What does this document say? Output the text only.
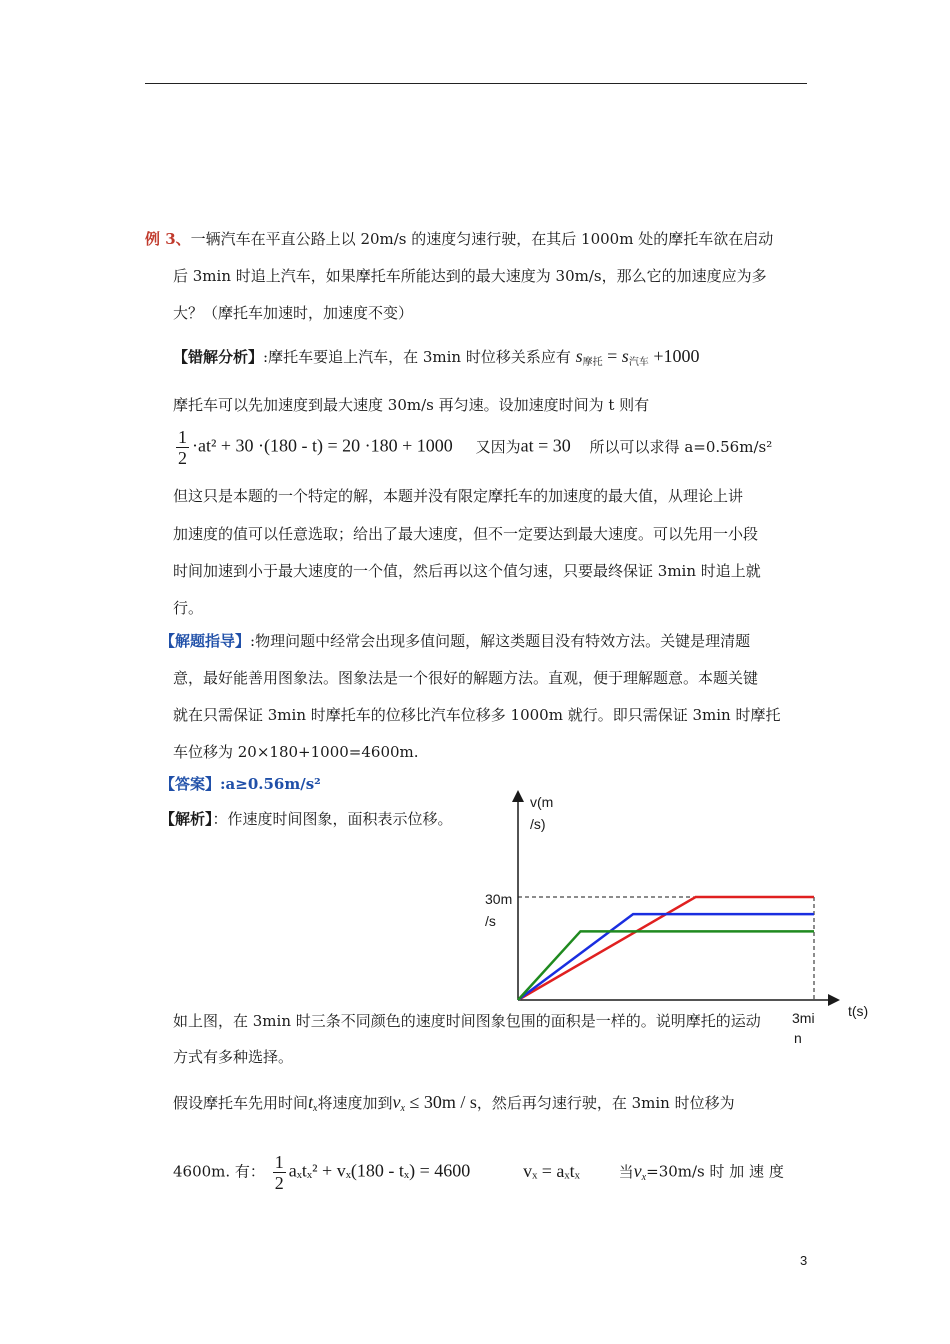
例 3、一辆汽车在平直公路上以 20m/s 的速度匀速行驶，在其后 1000m 处的摩托车欲在启动
后 3min 时追上汽车，如果摩托车所能达到的最大速度为 30m/s，那么它的加速度应为多
大？（摩托车加速时，加速度不变）
【错解分析】:摩托车要追上汽车，在 3min 时位移关系应有 $s_{摩托} = s_{汽车} +1000$
摩托车可以先加速度到最大速度 30m/s 再匀速。设加速度时间为 t 则有
$\frac{1}{2} \cdot at^2 + 30 \cdot(180 - t) = 20 \cdot 180 + 1000$ 又因为at = 30 所以可以求得 a=0.56m/s²
但这只是本题的一个特定的解，本题并没有限定摩托车的加速度的最大值，从理论上讲
加速度的值可以任意选取；给出了最大速度，但不一定要达到最大速度。可以先用一小段
时间加速到小于最大速度的一个值，然后再以这个值匀速，只要最终保证 3min 时追上就
行。
【解题指导】:物理问题中经常会出现多值问题，解这类题目没有特效方法。关键是理清题
意，最好能善用图象法。图象法是一个很好的解题方法。直观，便于理解题意。本题关键
就在只需保证 3min 时摩托车的位移比汽车位移多 1000m 就行。即只需保证 3min 时摩托
车位移为 20×180+1000=4600m.
【答案】:a≥0.56m/s²
【解析】：作速度时间图象，面积表示位移。
v(m
/s)
30m
/s
t(s)
如上图，在 3min 时三条不同颜色的速度时间图象包围的面积是一样的。说明摩托的运动
方式有多种选择。
3mi
n
假设摩托车先用时间$t_x$将速度加到$v_x \le 30m / s$，然后再匀速行驶，在 3min 时位移为
4600m. 有： $\frac{1}{2} a_xt_x^2 + v_x(180 - t_x) = 4600$	vₓ = aₓtₓ	当$v_x=30m/s$ 时 加 速 度
3
